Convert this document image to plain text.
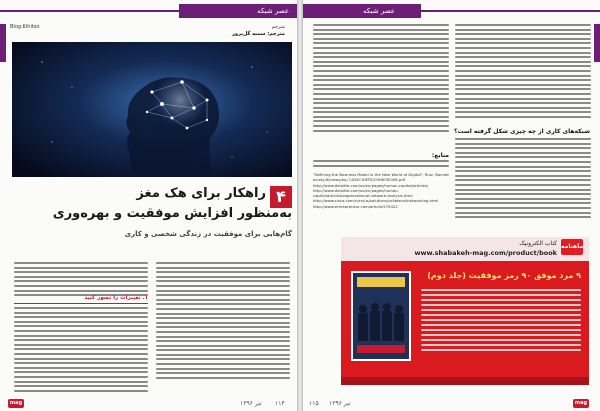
عصر شبکه
مترجم
مترجم: سمیه گل‌پرور
Blog.Kihiloo
۴
راهکار برای هک مغز
به‌منظور افزایش موفقیت و بهره‌وری
گام‌هایی برای موفقیت در زندگی شخصی و کاری
۱. تغییرات را تصور کنید
mag	تیر ۱۳۹۶ ۱۱۴
عصر شبکه
شبکه‌های کاری از چه چیزی شکل گرفته است؟
منابع:
"Defining the Business Model in the New World of Digital", Ruiz, Bonnet
ociety/dl/news/en/ CASECHIEFS/CHINESE008.pdf
http://www.deloitte.com/us/en/pages/human-capital/articles/
http://www.deloitte.com/us/en/pages/human-capital/articles/organizational-network-analysis.html
http://www.cisco.com/c/en/us/solutions/collateral/networking.html
http://www.entrepreneur.com/article/279422
ماهنامه
کتاب الکترونیک
www.shabakeh-mag.com/product/book
۹ مرد موفق ۹۰ رمز موفقیت (جلد دوم)
۱۱۵ تیر ۱۳۹۶	mag
